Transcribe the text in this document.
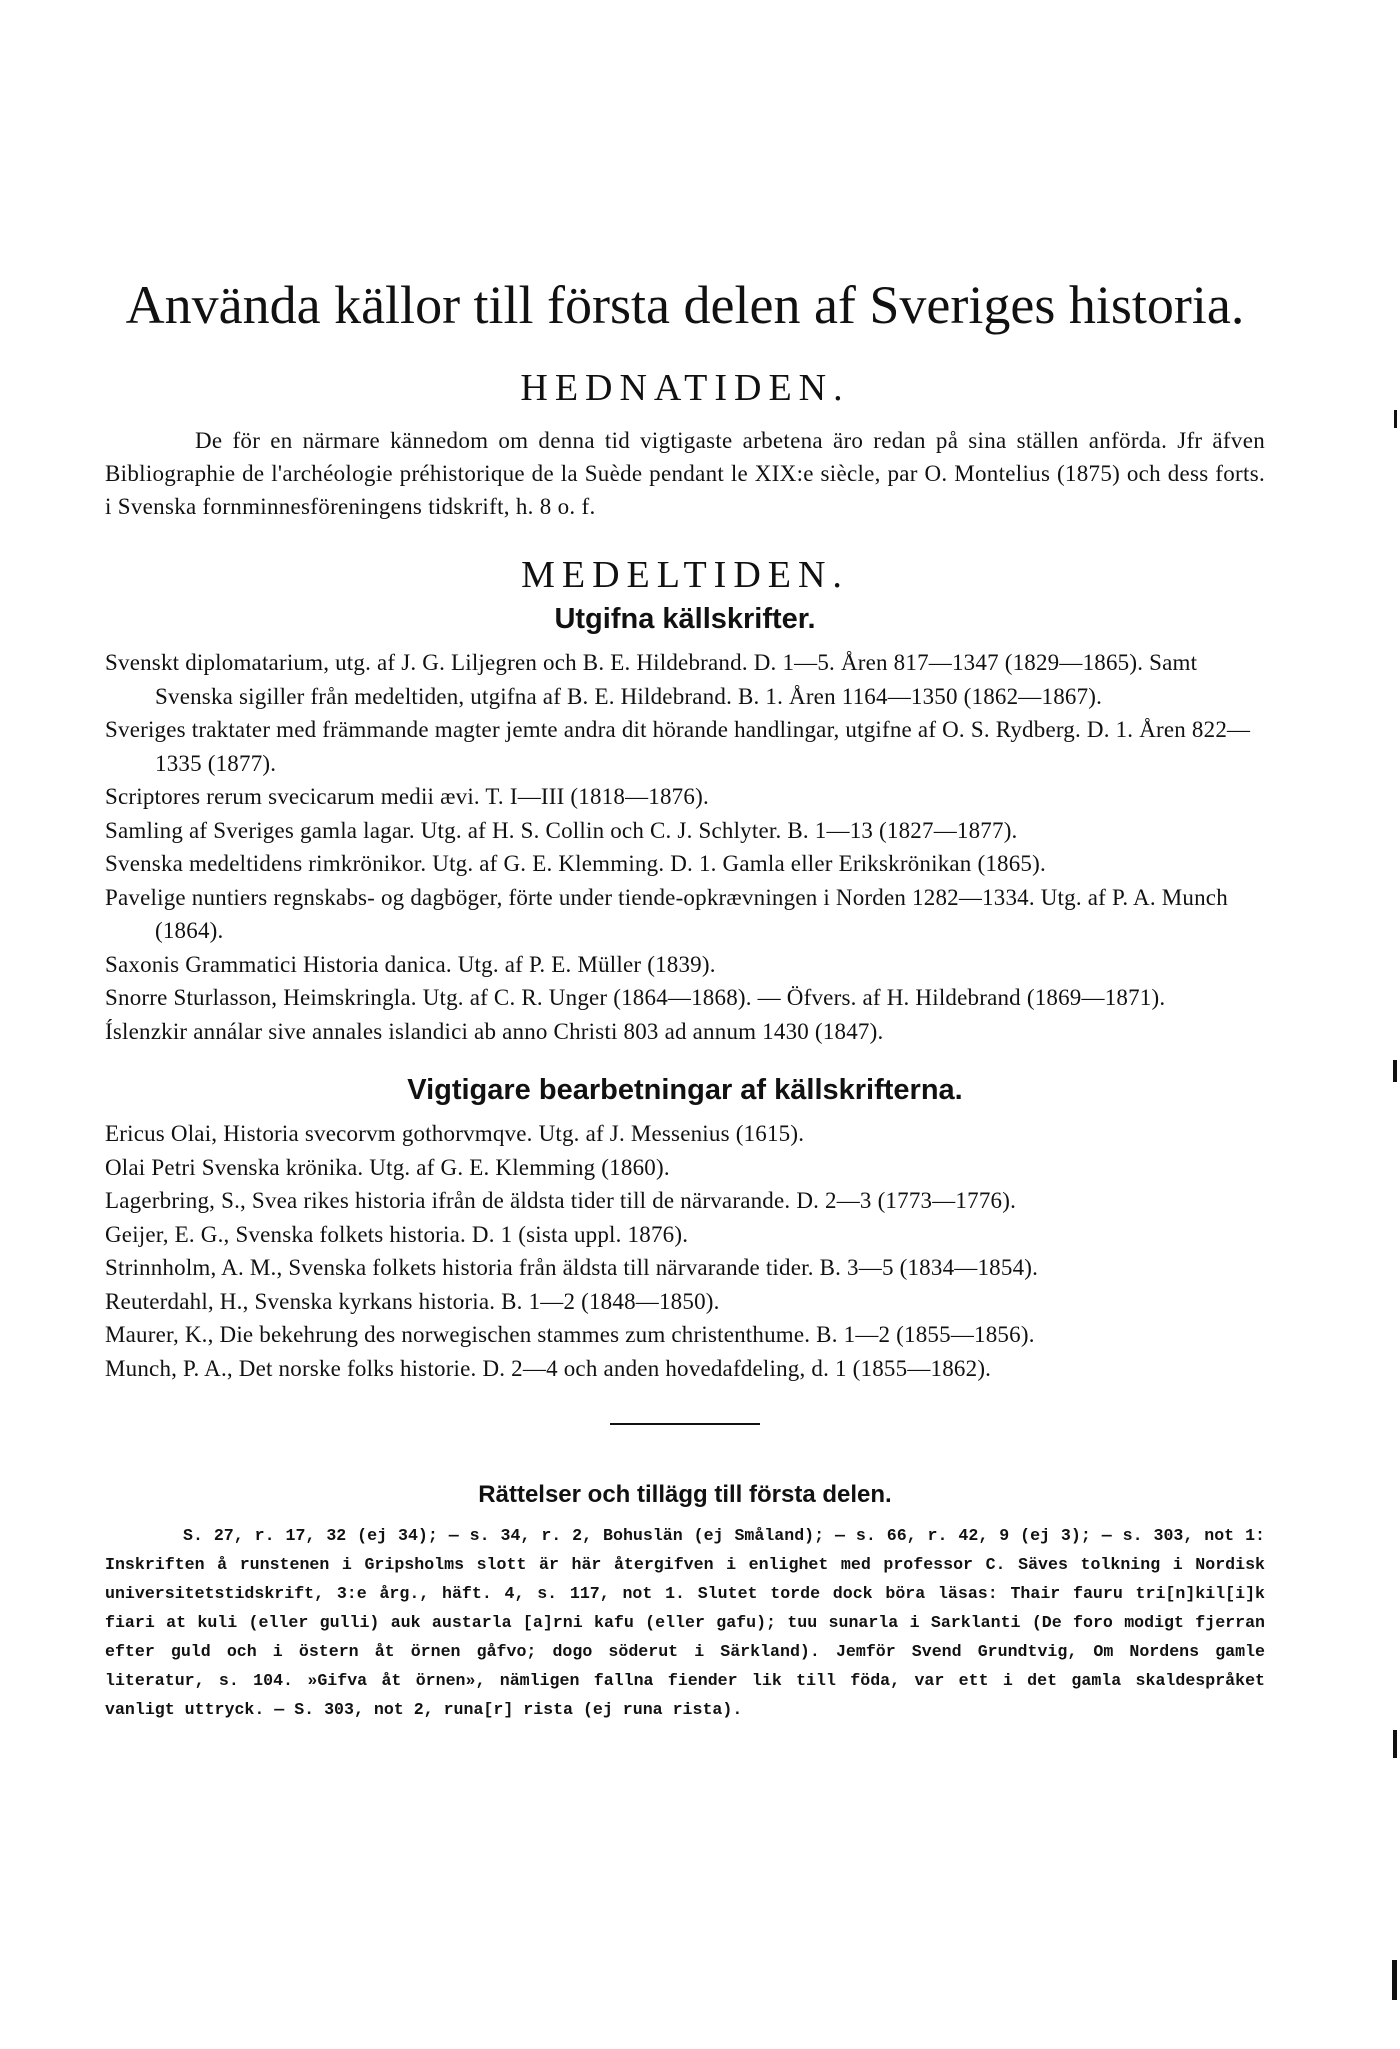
Använda källor till första delen af Sveriges historia.
HEDNATIDEN.

De för en närmare kännedom om denna tid vigtigaste arbetena äro redan på sina ställen anförda. Jfr äfven Bibliographie de l'archéologie préhistorique de la Suède pendant le XIX:e siècle, par O. Montelius (1875) och dess forts. i Svenska fornminnesföreningens tidskrift, h. 8 o. f.

MEDELTIDEN.
Utgifna källskrifter.

Svenskt diplomatarium, utg. af J. G. Liljegren och B. E. Hildebrand. D. 1—5. Åren 817—1347 (1829—1865). Samt Svenska sigiller från medeltiden, utgifna af B. E. Hildebrand. B. 1. Åren 1164—1350 (1862—1867).

Sveriges traktater med främmande magter jemte andra dit hörande handlingar, utgifne af O. S. Rydberg. D. 1. Åren 822—1335 (1877).

Scriptores rerum svecicarum medii ævi. T. I—III (1818—1876).

Samling af Sveriges gamla lagar. Utg. af H. S. Collin och C. J. Schlyter. B. 1—13 (1827—1877).

Svenska medeltidens rimkrönikor. Utg. af G. E. Klemming. D. 1. Gamla eller Erikskrönikan (1865).

Pavelige nuntiers regnskabs- og dagböger, förte under tiende-opkrævningen i Norden 1282—1334. Utg. af P. A. Munch (1864).

Saxonis Grammatici Historia danica. Utg. af P. E. Müller (1839).

Snorre Sturlasson, Heimskringla. Utg. af C. R. Unger (1864—1868). — Öfvers. af H. Hildebrand (1869—1871).

Íslenzkir annálar sive annales islandici ab anno Christi 803 ad annum 1430 (1847).

Vigtigare bearbetningar af källskrifterna.

Ericus Olai, Historia svecorvm gothorvmqve. Utg. af J. Messenius (1615).

Olai Petri Svenska krönika. Utg. af G. E. Klemming (1860).

Lagerbring, S., Svea rikes historia ifrån de äldsta tider till de närvarande. D. 2—3 (1773—1776).

Geijer, E. G., Svenska folkets historia. D. 1 (sista uppl. 1876).

Strinnholm, A. M., Svenska folkets historia från äldsta till närvarande tider. B. 3—5 (1834—1854).

Reuterdahl, H., Svenska kyrkans historia. B. 1—2 (1848—1850).

Maurer, K., Die bekehrung des norwegischen stammes zum christenthume. B. 1—2 (1855—1856).

Munch, P. A., Det norske folks historie. D. 2—4 och anden hovedafdeling, d. 1 (1855—1862).

Rättelser och tillägg till första delen.

S. 27, r. 17, 32 (ej 34); — s. 34, r. 2, Bohuslän (ej Småland); — s. 66, r. 42, 9 (ej 3); — s. 303, not 1: Inskriften å runstenen i Gripsholms slott är här återgifven i enlighet med professor C. Säves tolkning i Nordisk universitetstidskrift, 3:e årg., häft. 4, s. 117, not 1. Slutet torde dock böra läsas: Thair fauru tri[n]kil[i]k fiari at kuli (eller gulli) auk austarla [a]rni kafu (eller gafu); tuu sunarla i Sarklanti (De foro modigt fjerran efter guld och i östern åt örnen gåfvo; dogo söderut i Särkland). Jemför Svend Grundtvig, Om Nordens gamle literatur, s. 104. »Gifva åt örnen», nämligen fallna fiender lik till föda, var ett i det gamla skaldespråket vanligt uttryck. — S. 303, not 2, runa[r] rista (ej runa rista).
